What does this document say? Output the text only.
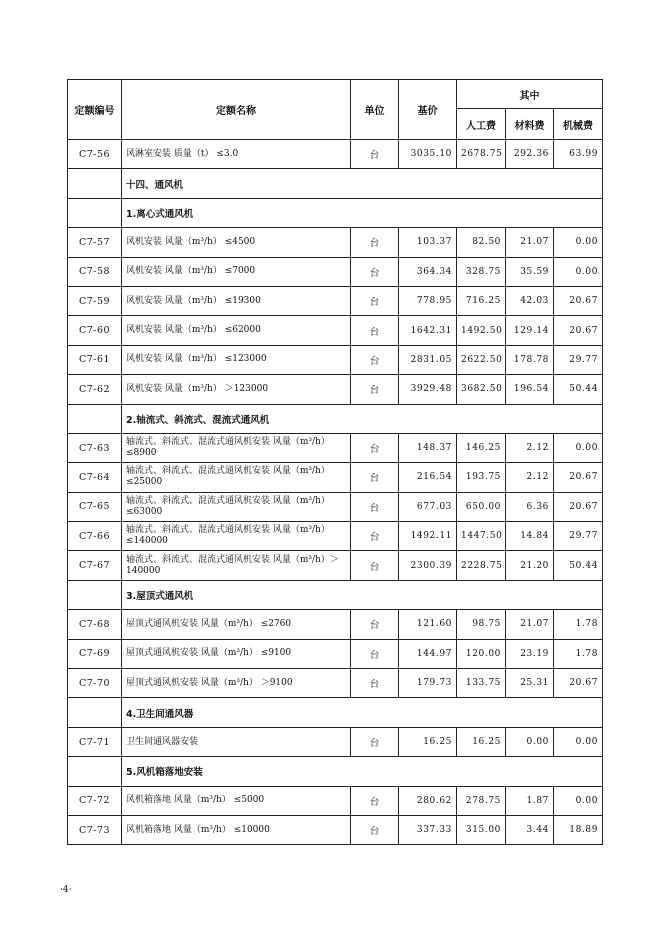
定额编号	定额名称	单位	基价	其中		
				人工费	材料费	机械费
C7-56	风淋室安装 质量（t） ≤3.0	台	3035.10	2678.75	292.36	63.99
	十四、通风机					
	1.离心式通风机					
C7-57	风机安装 风量（m³/h） ≤4500	台	103.37	82.50	21.07	0.00
C7-58	风机安装 风量（m³/h） ≤7000	台	364.34	328.75	35.59	0.00
C7-59	风机安装 风量（m³/h） ≤19300	台	778.95	716.25	42.03	20.67
C7-60	风机安装 风量（m³/h） ≤62000	台	1642.31	1492.50	129.14	20.67
C7-61	风机安装 风量（m³/h） ≤123000	台	2831.05	2622.50	178.78	29.77
C7-62	风机安装 风量（m³/h） ＞123000	台	3929.48	3682.50	196.54	50.44
	2.轴流式、斜流式、混流式通风机					
C7-63	轴流式、斜流式、混流式通风机安装 风量（m³/h）≤8900	台	148.37	146.25	2.12	0.00
C7-64	轴流式、斜流式、混流式通风机安装 风量（m³/h）≤25000	台	216.54	193.75	2.12	20.67
C7-65	轴流式、斜流式、混流式通风机安装 风量（m³/h）≤63000	台	677.03	650.00	6.36	20.67
C7-66	轴流式、斜流式、混流式通风机安装 风量（m³/h）≤140000	台	1492.11	1447.50	14.84	29.77
C7-67	轴流式、斜流式、混流式通风机安装 风量（m³/h）＞140000	台	2300.39	2228.75	21.20	50.44
	3.屋顶式通风机					
C7-68	屋顶式通风机安装 风量（m³/h） ≤2760	台	121.60	98.75	21.07	1.78
C7-69	屋顶式通风机安装 风量（m³/h） ≤9100	台	144.97	120.00	23.19	1.78
C7-70	屋顶式通风机安装 风量（m³/h） ＞9100	台	179.73	133.75	25.31	20.67
	4.卫生间通风器					
C7-71	卫生间通风器安装	台	16.25	16.25	0.00	0.00
	5.风机箱落地安装					
C7-72	风机箱落地 风量（m³/h） ≤5000	台	280.62	278.75	1.87	0.00
C7-73	风机箱落地 风量（m³/h） ≤10000	台	337.33	315.00	3.44	18.89
·4·
